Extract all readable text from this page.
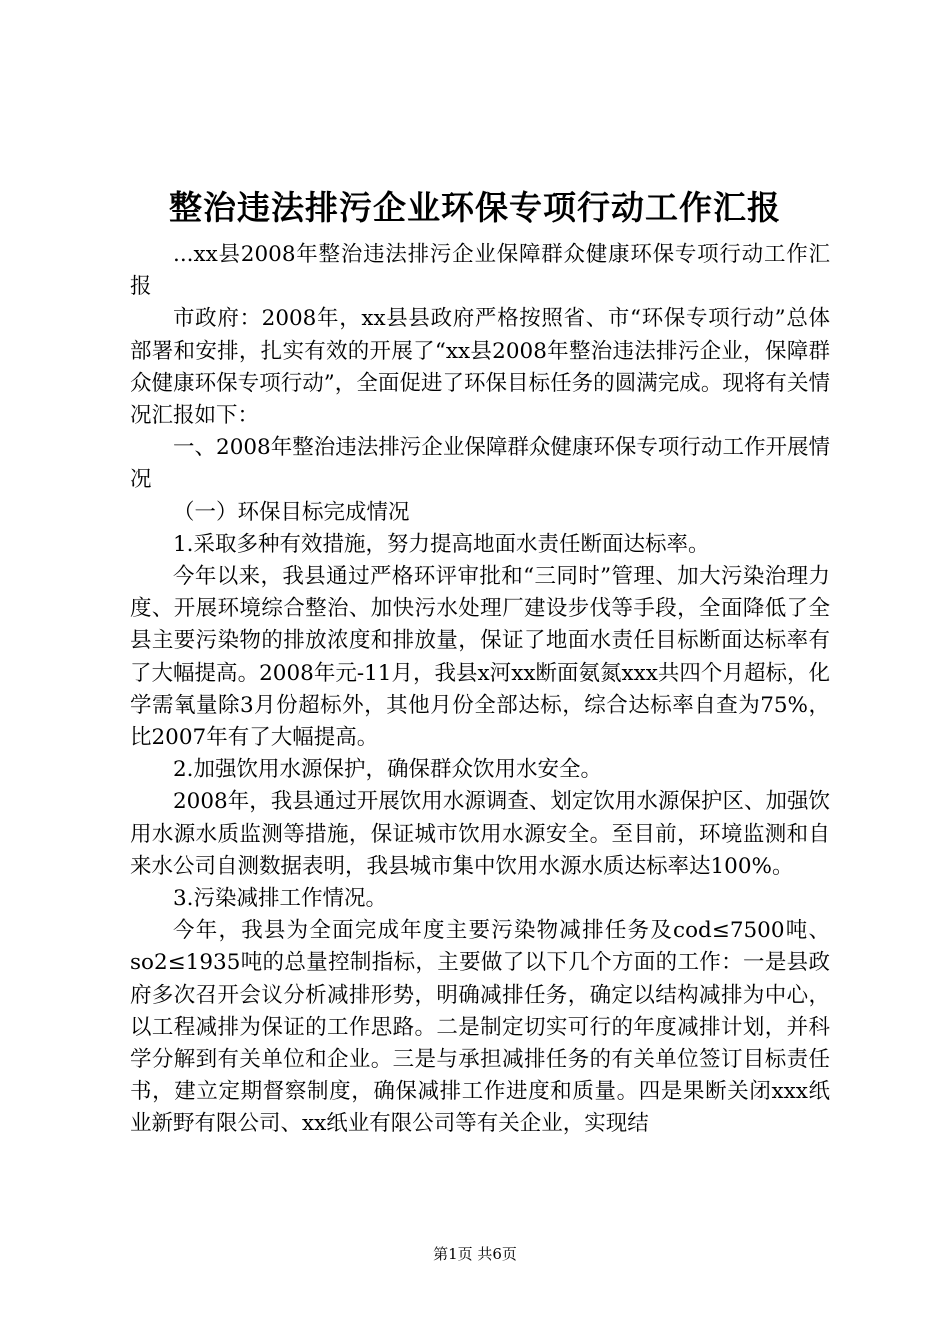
整治违法排污企业环保专项行动工作汇报

...xx县2008年整治违法排污企业保障群众健康环保专项行动工作汇报

市政府：2008年，xx县县政府严格按照省、市“环保专项行动”总体部署和安排，扎实有效的开展了“xx县2008年整治违法排污企业，保障群众健康环保专项行动”，全面促进了环保目标任务的圆满完成。现将有关情况汇报如下：

一、2008年整治违法排污企业保障群众健康环保专项行动工作开展情况

（一）环保目标完成情况

1.采取多种有效措施，努力提高地面水责任断面达标率。

今年以来，我县通过严格环评审批和“三同时”管理、加大污染治理力度、开展环境综合整治、加快污水处理厂建设步伐等手段，全面降低了全县主要污染物的排放浓度和排放量，保证了地面水责任目标断面达标率有了大幅提高。2008年元-11月，我县x河xx断面氨氮xxx共四个月超标，化学需氧量除3月份超标外，其他月份全部达标，综合达标率自查为75%，比2007年有了大幅提高。

2.加强饮用水源保护，确保群众饮用水安全。

2008年，我县通过开展饮用水源调查、划定饮用水源保护区、加强饮用水源水质监测等措施，保证城市饮用水源安全。至目前，环境监测和自来水公司自测数据表明，我县城市集中饮用水源水质达标率达100%。

3.污染减排工作情况。

今年，我县为全面完成年度主要污染物减排任务及cod≤7500吨、so2≤1935吨的总量控制指标，主要做了以下几个方面的工作：一是县政府多次召开会议分析减排形势，明确减排任务，确定以结构减排为中心，以工程减排为保证的工作思路。二是制定切实可行的年度减排计划，并科学分解到有关单位和企业。三是与承担减排任务的有关单位签订目标责任书，建立定期督察制度，确保减排工作进度和质量。四是果断关闭xxx纸业新野有限公司、xx纸业有限公司等有关企业，实现结

第1页 共6页
